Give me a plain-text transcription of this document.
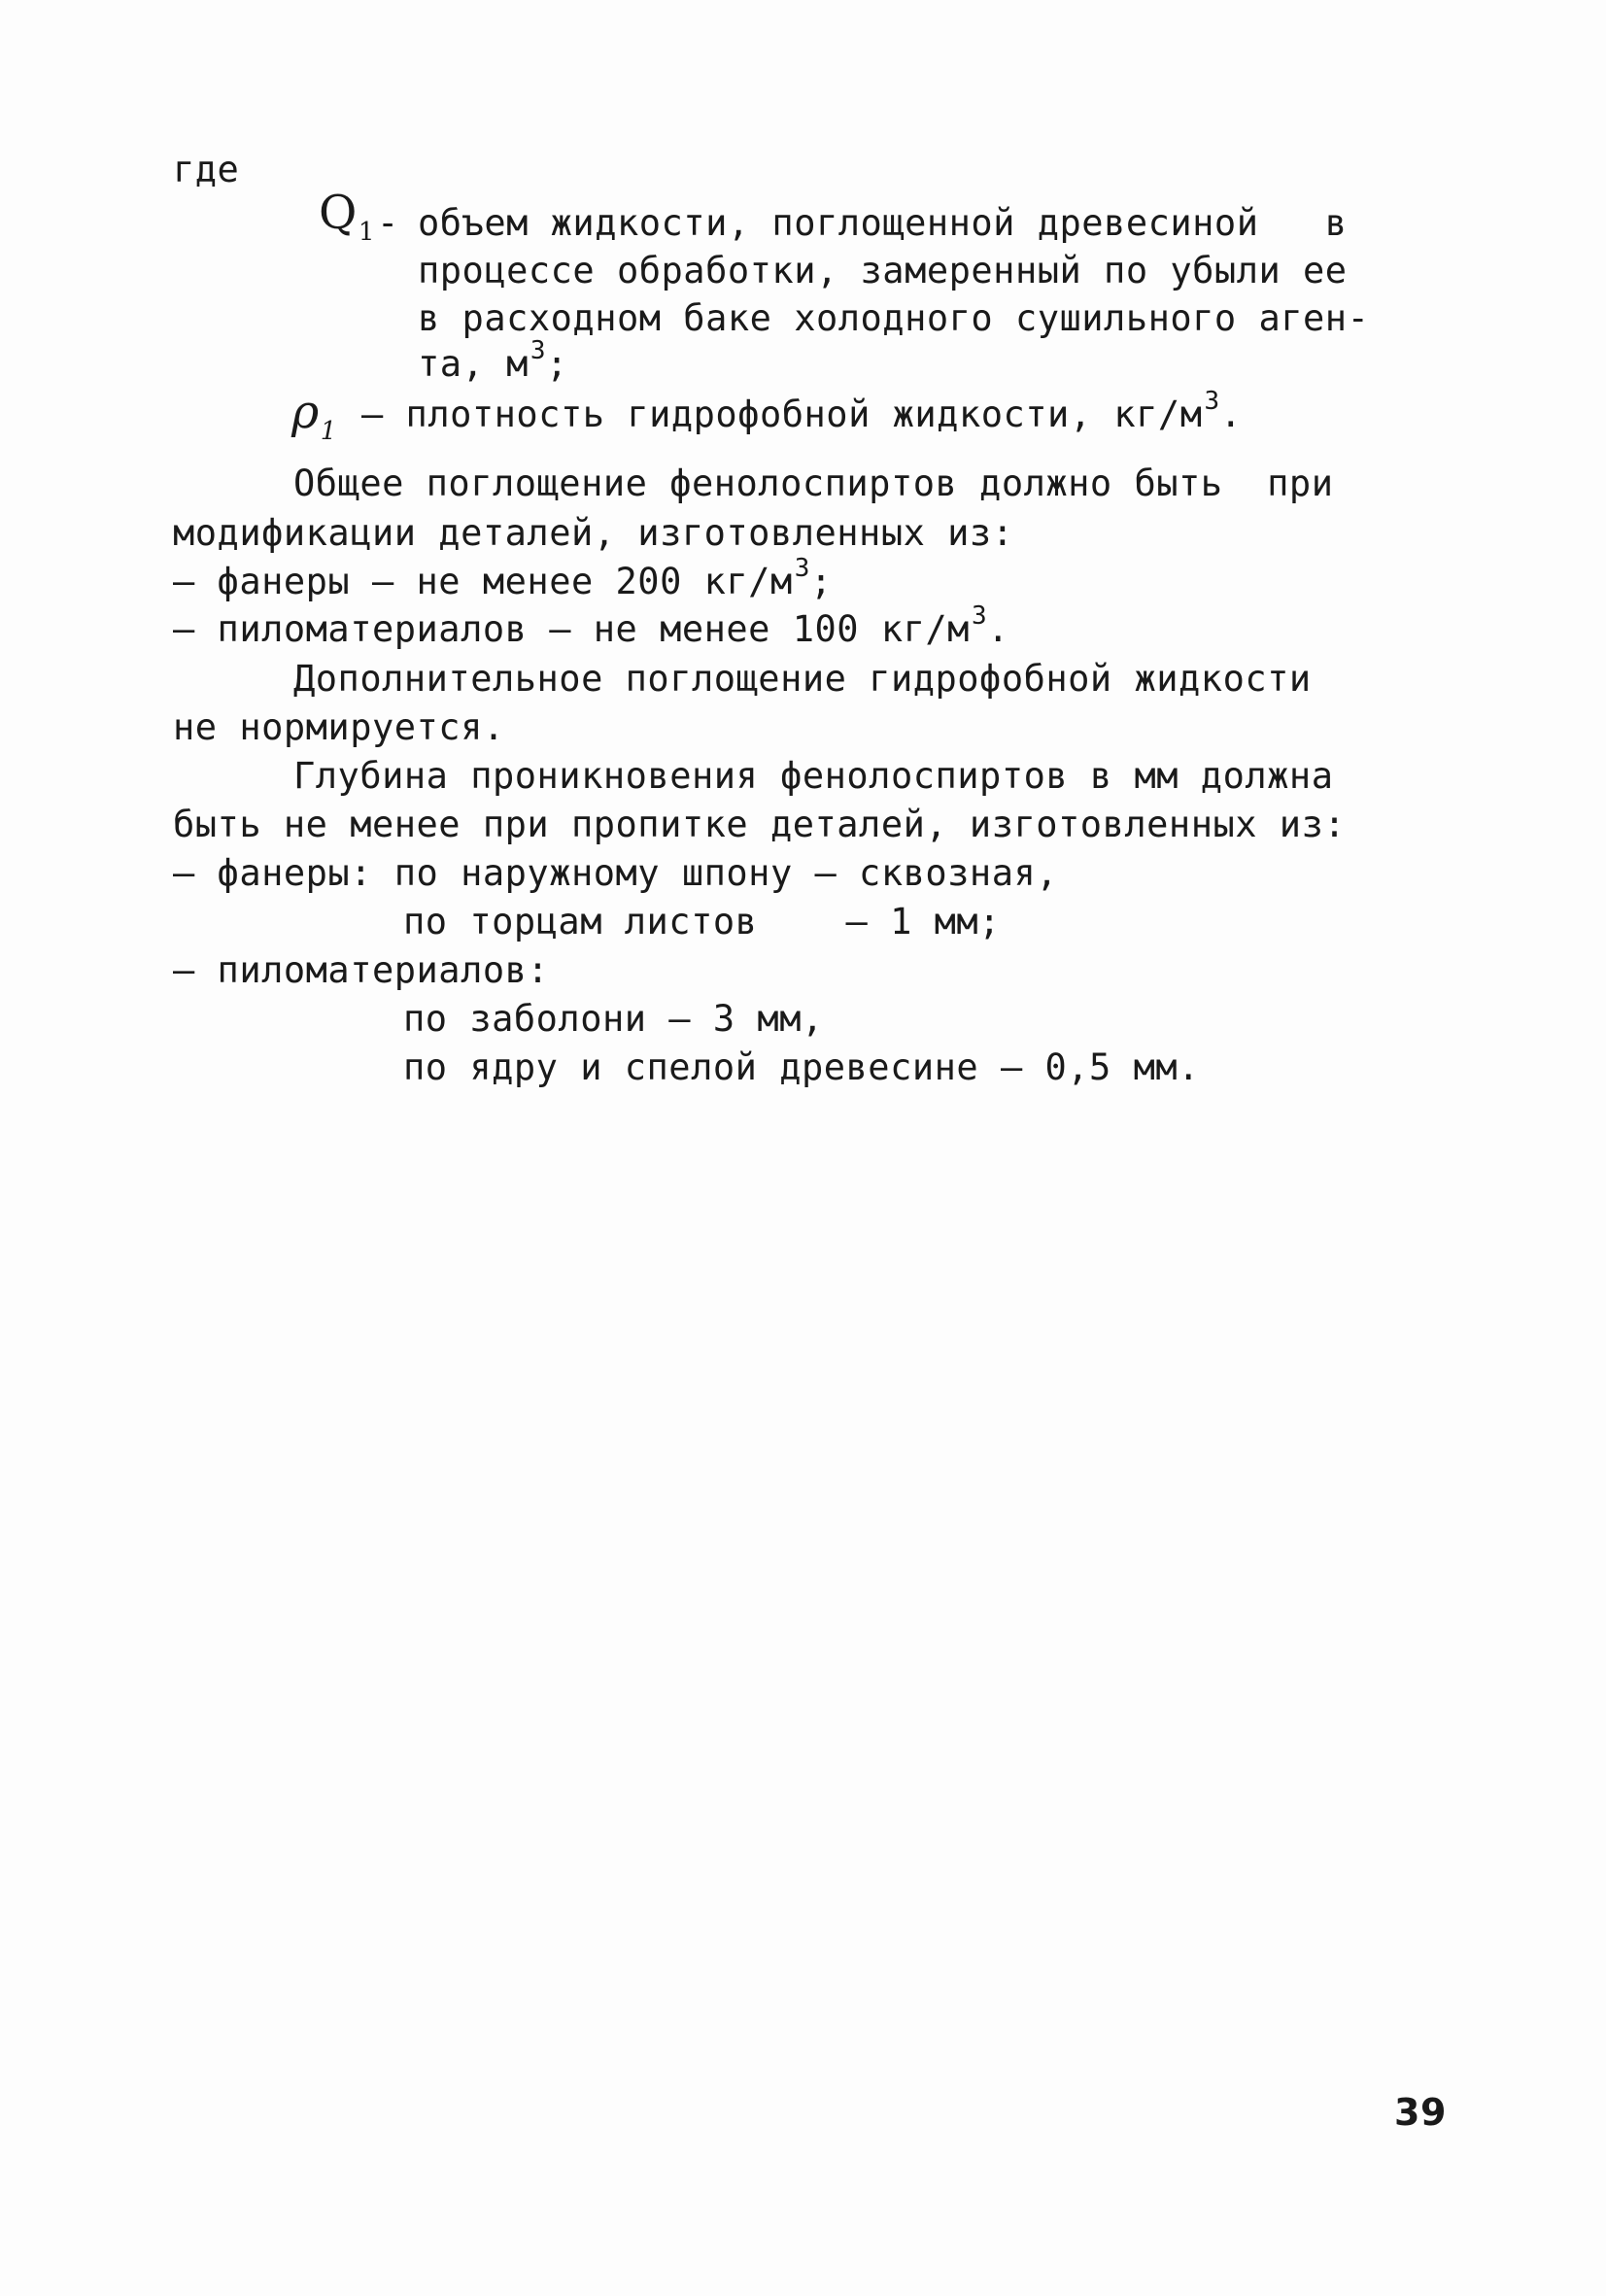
где
$Q_1$ - объем жидкости, поглощенной древесиной   в
процессе обработки, замеренный по убыли ее
в расходном баке холодного сушильного аген-
та, $м^3$;
$\rho_1$ – плотность гидрофобной жидкости, $кг/м^3$.
Общее поглощение фенолоспиртов должно быть  при
модификации деталей, изготовленных из:
– фанеры – не менее 200 $кг/м^3$;
– пиломатериалов – не менее 100 $кг/м^3$.
Дополнительное поглощение гидрофобной жидкости
не нормируется.
Глубина проникновения фенолоспиртов в мм должна
быть не менее при пропитке деталей, изготовленных из:
– фанеры: по наружному шпону – сквозная,
по торцам листов    – 1 мм;
– пиломатериалов:
по заболони – 3 мм,
по ядру и спелой древесине – 0,5 мм.
39
